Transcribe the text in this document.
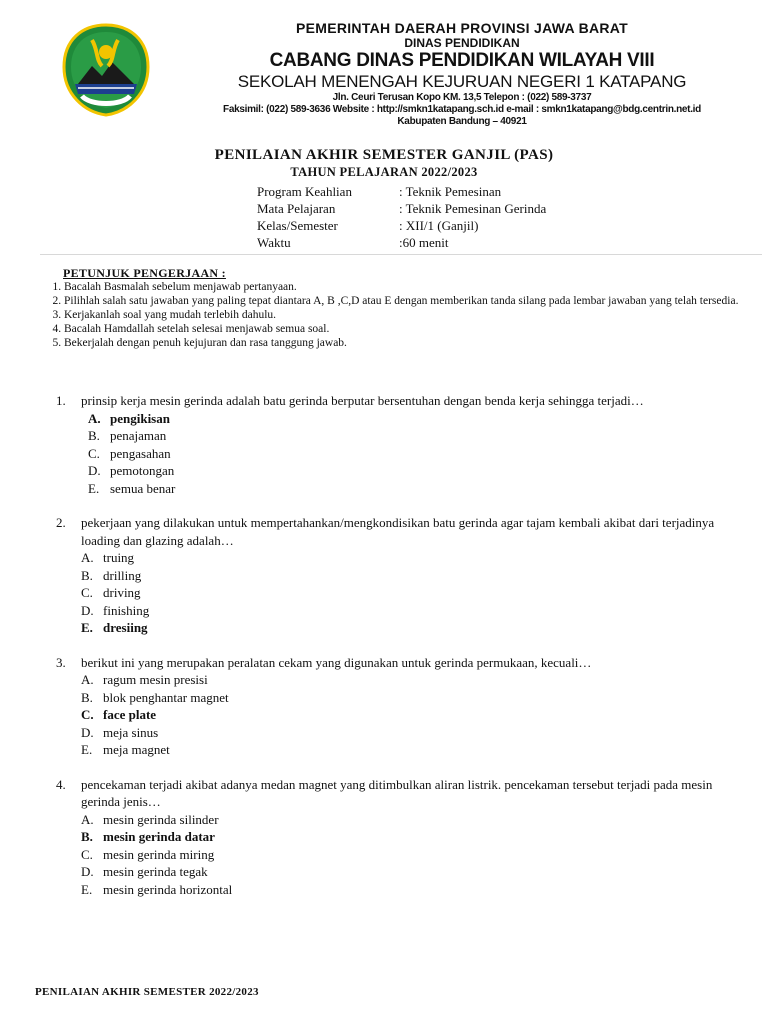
PEMERINTAH DAERAH PROVINSI JAWA BARAT
DINAS PENDIDIKAN
CABANG DINAS PENDIDIKAN WILAYAH VIII
SEKOLAH MENENGAH KEJURUAN NEGERI 1 KATAPANG
Jln. Ceuri Terusan Kopo KM. 13,5 Telepon : (022) 589-3737
Faksimil: (022) 589-3636 Website : http://smkn1katapang.sch.id e-mail : smkn1katapang@bdg.centrin.net.id
Kabupaten Bandung – 40921
PENILAIAN AKHIR SEMESTER GANJIL (PAS)
TAHUN PELAJARAN 2022/2023
Program Keahlian	: Teknik Pemesinan
Mata Pelajaran	: Teknik Pemesinan Gerinda
Kelas/Semester	: XII/1 (Ganjil)
Waktu	:60 menit
PETUNJUK PENGERJAAN :
1. Bacalah Basmalah sebelum menjawab pertanyaan.
2. Pilihlah salah satu jawaban yang paling tepat diantara A, B ,C,D atau E dengan memberikan tanda silang pada lembar jawaban yang telah tersedia.
3. Kerjakanlah soal yang mudah terlebih dahulu.
4. Bacalah Hamdallah setelah selesai menjawab semua soal.
5. Bekerjalah dengan penuh kejujuran dan rasa tanggung jawab.
1.	prinsip kerja mesin gerinda adalah batu gerinda berputar bersentuhan dengan benda kerja sehingga terjadi…
A. pengikisan
B. penajaman
C. pengasahan
D. pemotongan
E. semua benar
2.	pekerjaan yang dilakukan untuk mempertahankan/mengkondisikan batu gerinda agar tajam kembali akibat dari terjadinya loading dan glazing adalah…
A. truing
B. drilling
C. driving
D. finishing
E. dresiing
3.	berikut ini yang merupakan peralatan cekam yang digunakan untuk gerinda permukaan, kecuali…
A. ragum mesin presisi
B. blok penghantar magnet
C. face plate
D. meja sinus
E. meja magnet
4.	pencekaman terjadi akibat adanya medan magnet yang ditimbulkan aliran listrik. pencekaman tersebut terjadi pada mesin gerinda jenis…
A. mesin gerinda silinder
B. mesin gerinda datar
C. mesin gerinda miring
D. mesin gerinda tegak
E. mesin gerinda horizontal
PENILAIAN AKHIR SEMESTER 2022/2023
